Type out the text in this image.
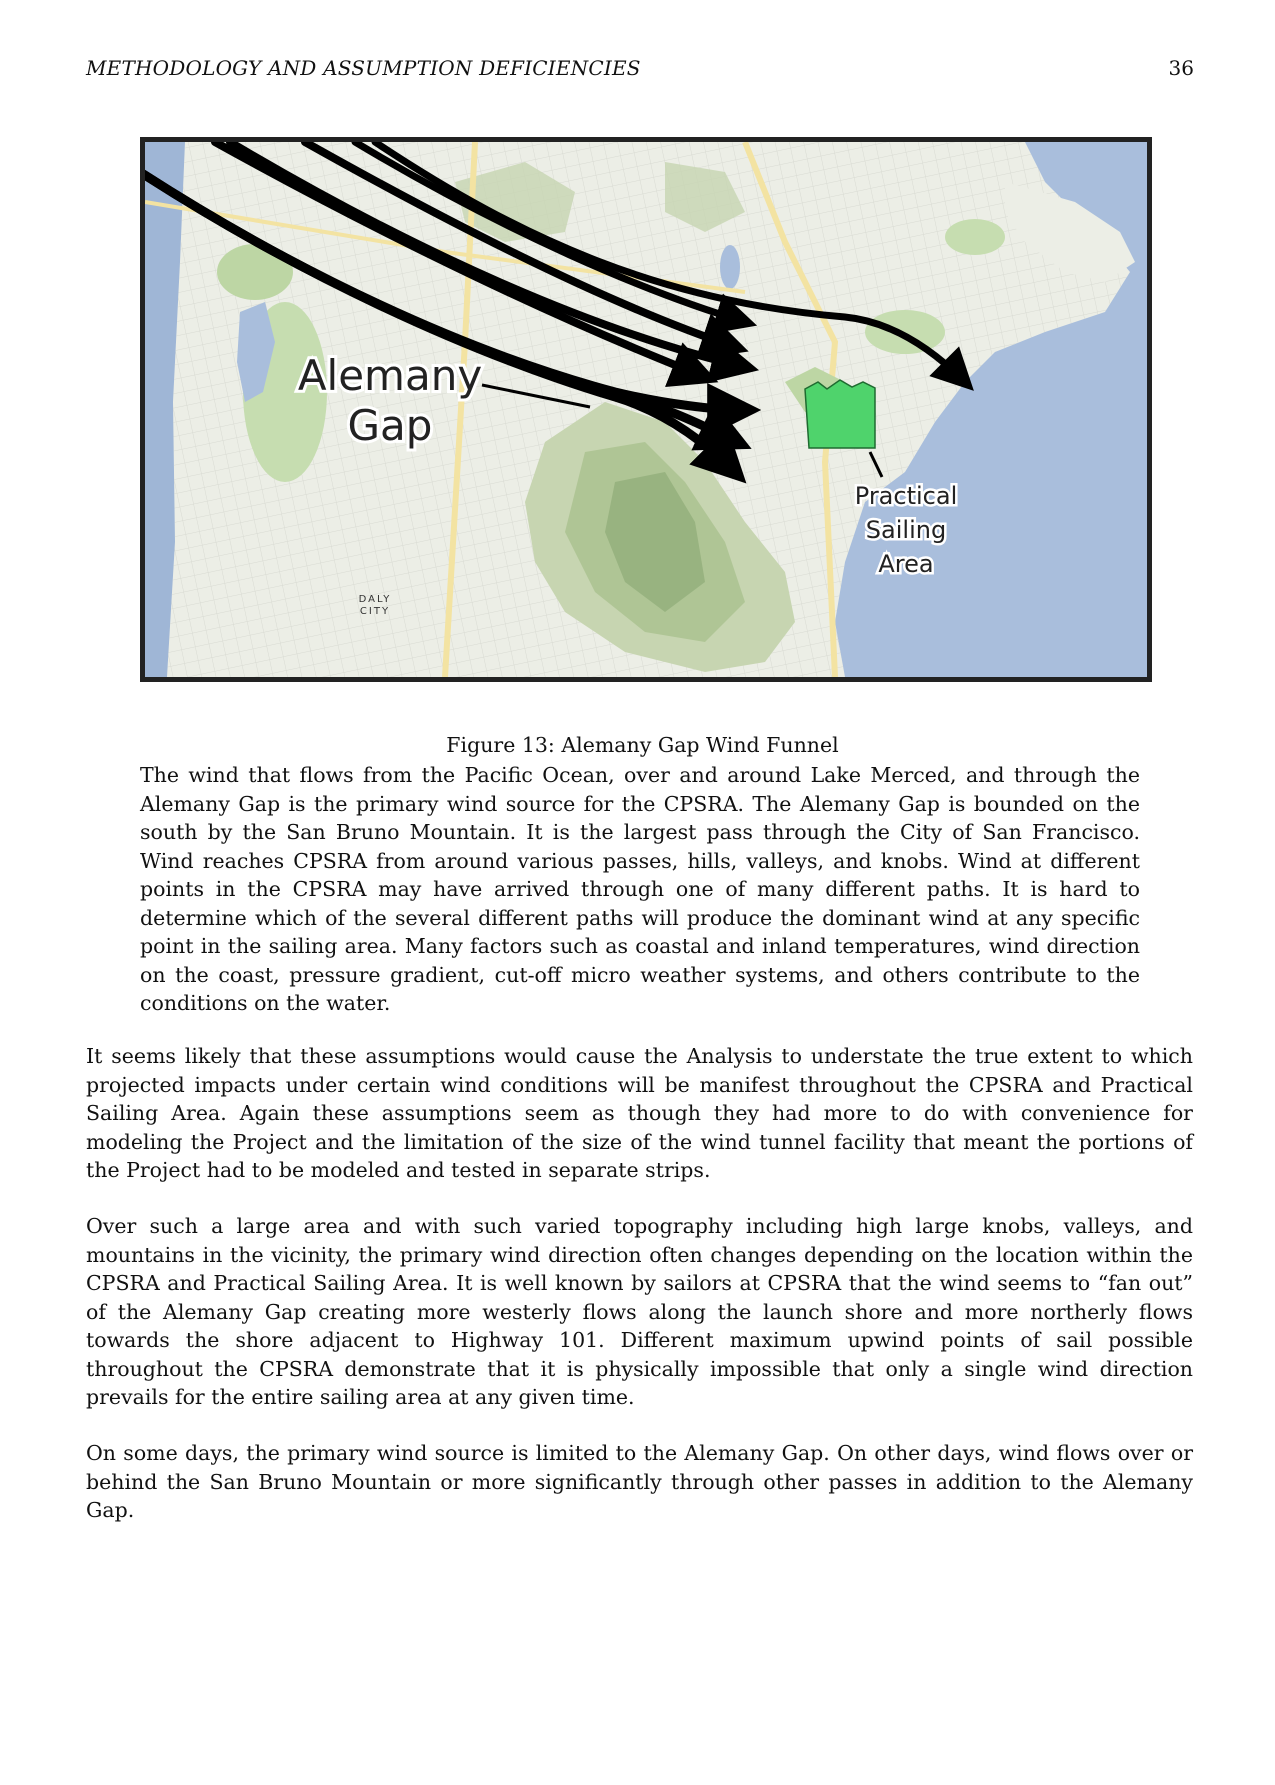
METHODOLOGY AND ASSUMPTION DEFICIENCIES	36
Alemany
Gap
Practical
Sailing
Area
DALY
CITY
Figure 13: Alemany Gap Wind Funnel
The wind that flows from the Pacific Ocean, over and around Lake Merced, and through the Alemany Gap is the primary wind source for the CPSRA. The Alemany Gap is bounded on the south by the San Bruno Mountain. It is the largest pass through the City of San Francisco. Wind reaches CPSRA from around various passes, hills, valleys, and knobs. Wind at different points in the CPSRA may have arrived through one of many different paths. It is hard to determine which of the several different paths will produce the dominant wind at any specific point in the sailing area. Many factors such as coastal and inland temperatures, wind direction on the coast, pressure gradient, cut-off micro weather systems, and others contribute to the conditions on the water.
It seems likely that these assumptions would cause the Analysis to understate the true extent to which projected impacts under certain wind conditions will be manifest throughout the CPSRA and Practical Sailing Area. Again these assumptions seem as though they had more to do with convenience for modeling the Project and the limitation of the size of the wind tunnel facility that meant the portions of the Project had to be modeled and tested in separate strips.
Over such a large area and with such varied topography including high large knobs, valleys, and mountains in the vicinity, the primary wind direction often changes depending on the location within the CPSRA and Practical Sailing Area. It is well known by sailors at CPSRA that the wind seems to “fan out” of the Alemany Gap creating more westerly flows along the launch shore and more northerly flows towards the shore adjacent to Highway 101. Different maximum upwind points of sail possible throughout the CPSRA demonstrate that it is physically impossible that only a single wind direction prevails for the entire sailing area at any given time.
On some days, the primary wind source is limited to the Alemany Gap. On other days, wind flows over or behind the San Bruno Mountain or more significantly through other passes in addition to the Alemany Gap.
